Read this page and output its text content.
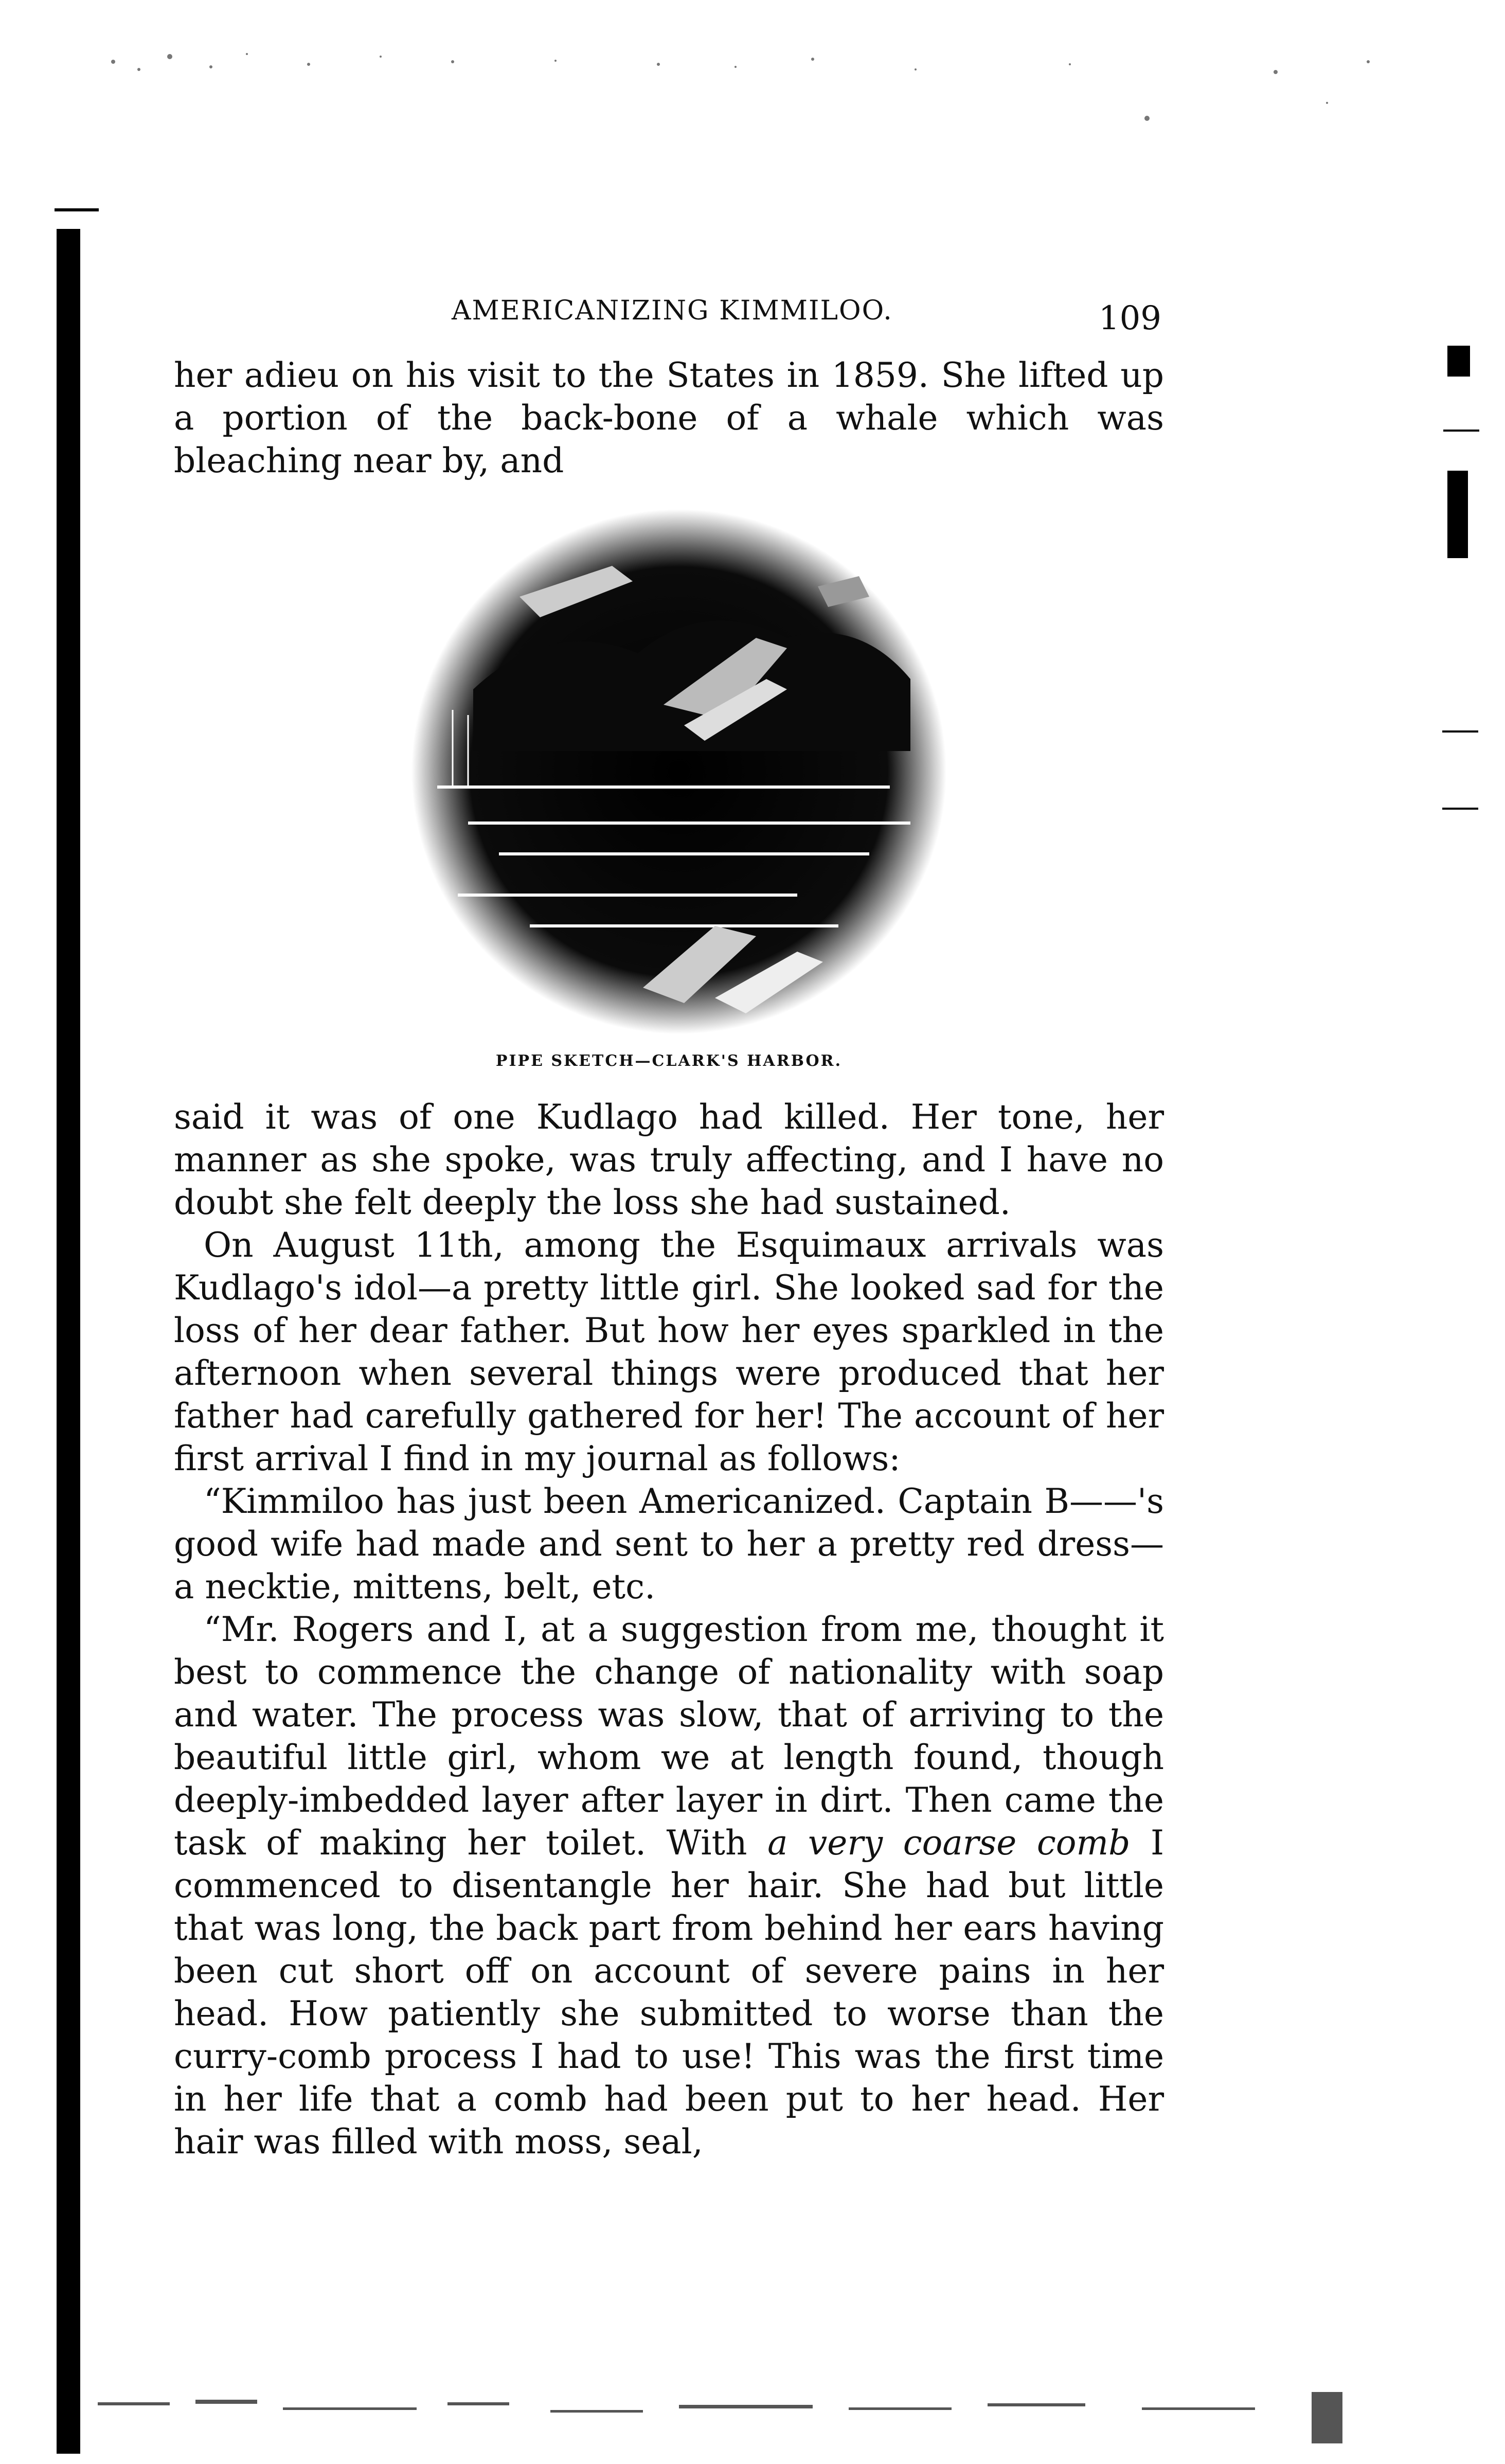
AMERICANIZING KIMMILOO.	109

her adieu on his visit to the States in 1859. She lifted up a portion of the back-bone of a whale which was bleaching near by, and

PIPE SKETCH—CLARK'S HARBOR.

said it was of one Kudlago had killed. Her tone, her manner as she spoke, was truly affecting, and I have no doubt she felt deeply the loss she had sustained.

On August 11th, among the Esquimaux arrivals was Kudlago's idol—a pretty little girl. She looked sad for the loss of her dear father. But how her eyes sparkled in the afternoon when several things were produced that her father had carefully gathered for her! The account of her first arrival I find in my journal as follows:

“Kimmiloo has just been Americanized. Captain B——'s good wife had made and sent to her a pretty red dress—a necktie, mittens, belt, etc.

“Mr. Rogers and I, at a suggestion from me, thought it best to commence the change of nationality with soap and water. The process was slow, that of arriving to the beautiful little girl, whom we at length found, though deeply-imbedded layer after layer in dirt. Then came the task of making her toilet. With a very coarse comb I commenced to disentangle her hair. She had but little that was long, the back part from behind her ears having been cut short off on account of severe pains in her head. How patiently she submitted to worse than the curry-comb process I had to use! This was the first time in her life that a comb had been put to her head. Her hair was filled with moss, seal,
